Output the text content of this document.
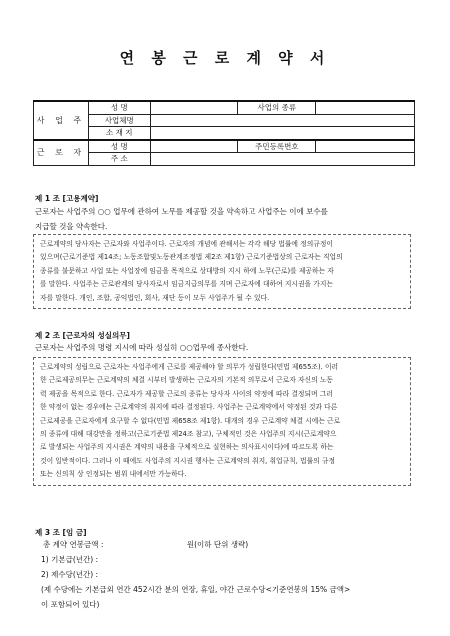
연 봉 근 로 계 약 서
사 업 주	성 명		사업의 종류	
	사업체명			
	소 재 지			
근 로 자	성 명		주민등록번호	
	주 소			
제 1 조 [고용계약]
근로자는 사업주의 ○○ 업무에 관하여 노무를 제공할 것을 약속하고 사업주는 이에 보수를
지급할 것을 약속한다.
근로계약의 당사자는 근로자와 사업주이다. 근로자의 개념에 관해서는 각각 해당 법률에 정의규정이
있으며(근로기준법 제14조; 노동조합및노동관계조정법 제2조 제1항) 근로기준법상의 근로자는 직업의
종류를 불문하고 사업 또는 사업장에 임금을 목적으로 상대방의 지시 하에 노무(근로)를 제공하는 자
를 말한다. 사업주는 근로관계의 당사자로서 임금지급의무를 지며 근로자에 대하여 지시권을 가지는
자를 말한다. 개인, 조합, 공익법인, 회사, 재단 등이 모두 사업주가 될 수 있다.
제 2 조 [근로자의 성실의무]
근로자는 사업주의 명령 지시에 따라 성실히 ○○업무에 종사한다.
근로계약의 성립으로 근로자는 사업주에게 근로를 제공해야 할 의무가 성립한다(민법 제655조). 이러
한 근로제공의무는 근로계약의 체결 시부터 발생하는 근로자의 기본적 의무로서 근로자 자신의 노동
력 제공을 목적으로 한다. 근로자가 제공할 근로의 종류는 당사자 사이의 약정에 따라 결정되며 그러
한 약정이 없는 경우에는 근로계약의 취지에 따라 결정된다. 사업주는 근로계약에서 약정된 것과 다른
근로제공을 근로자에게 요구할 수 없다(민법 제658조 제1항). 대개의 경우 근로계약 체결 시에는 근로
의 종류에 대해 대강만을 정하고(근로기준법 제24조 참고), 구체적인 것은 사업주의 지시(근로계약으
로 발생되는 사업주의 지시권은 계약의 내용을 구체적으로 실현하는 의사표시이다)에 따르도록 하는
것이 일반적이다. 그러나 이 때에도 사업주의 지시권 행사는 근로계약의 취지, 취업규칙, 법률의 규정
또는 신의칙 상 인정되는 범위 내에서만 가능하다.
제 3 조 [임 금]
총 계약 연봉금액 :                                   원(이하 단위 생략)
1) 기본급(년간) :
2) 제수당(년간) :
(제 수당에는 기본급외 연간 452시간 분의 연장, 휴일, 야간 근로수당<기준연봉의 15% 금액>
이 포함되어 있다)
